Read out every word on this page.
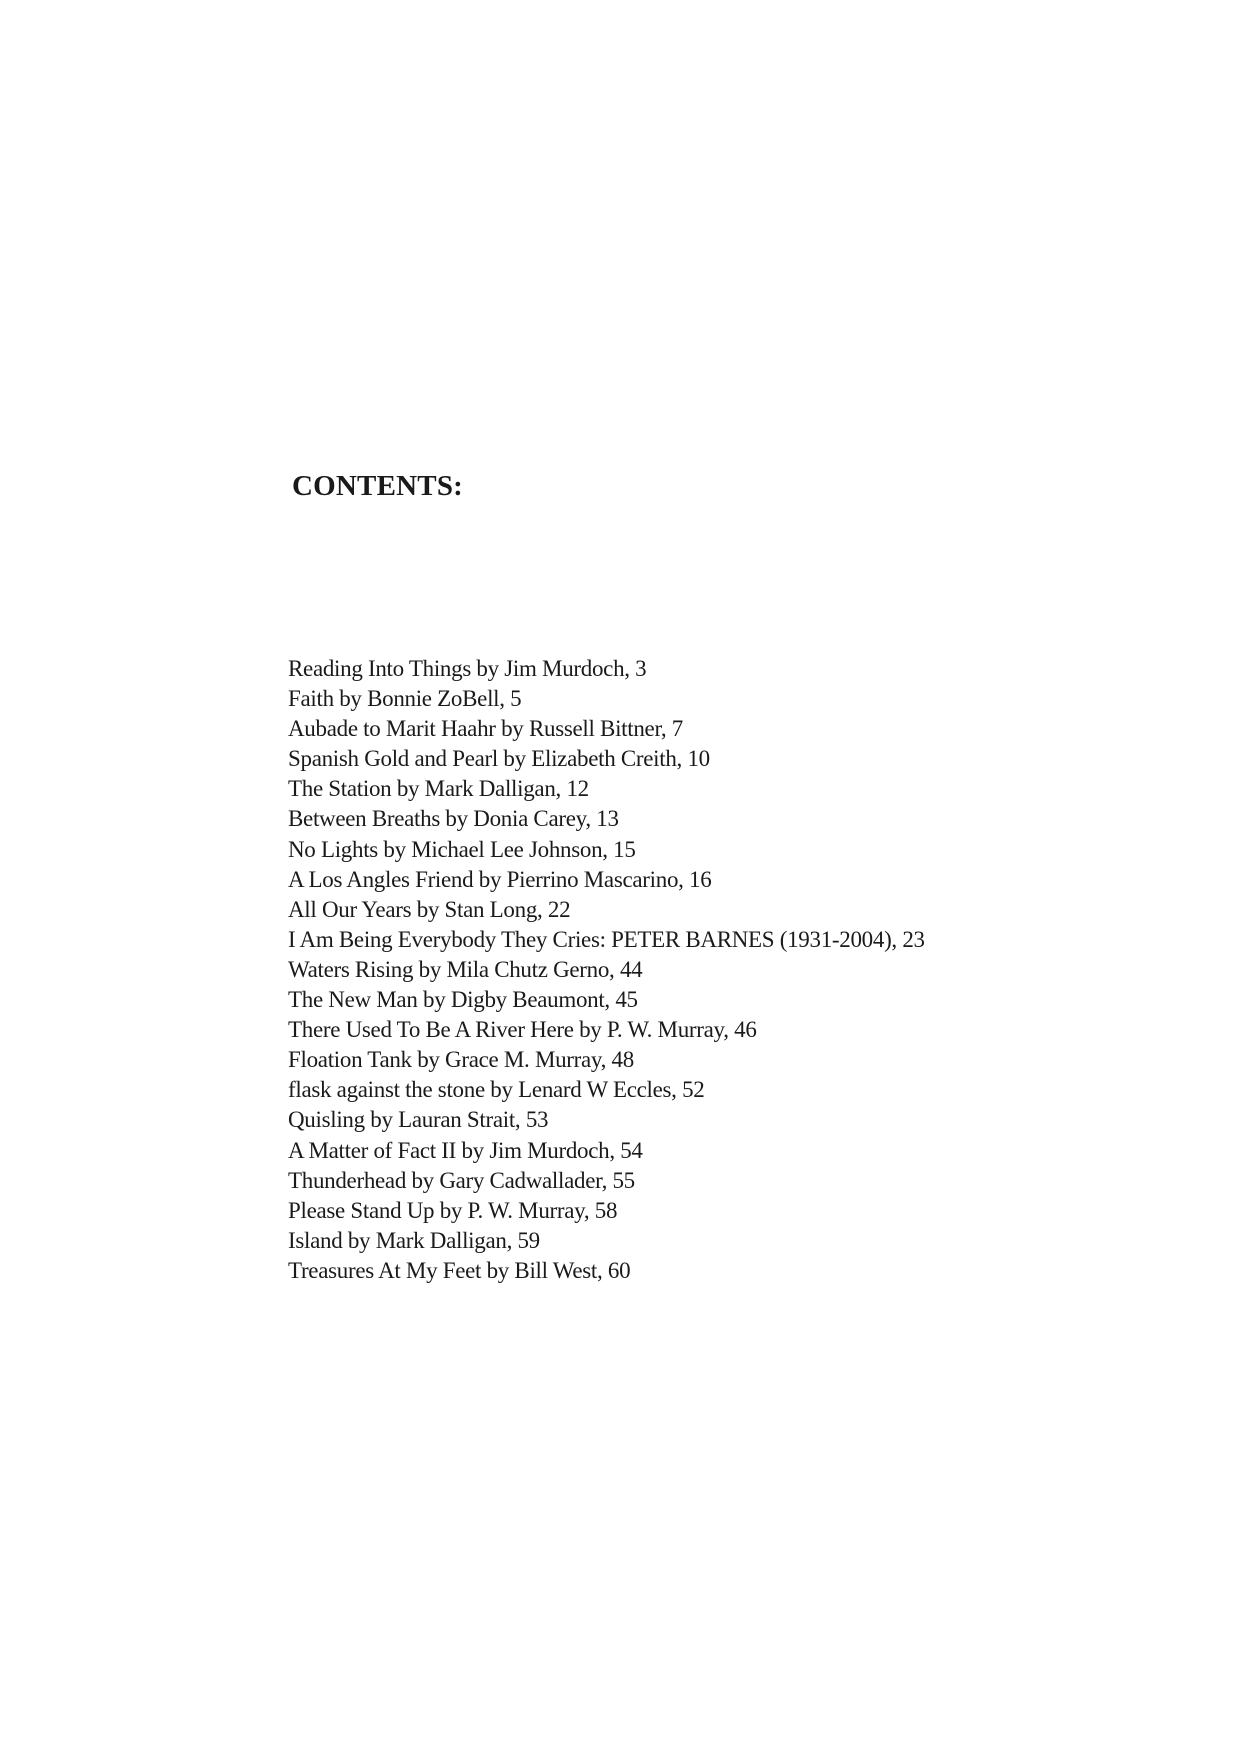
CONTENTS:
Reading Into Things by Jim Murdoch, 3
Faith by Bonnie ZoBell, 5
Aubade to Marit Haahr by Russell Bittner, 7
Spanish Gold and Pearl by Elizabeth Creith, 10
The Station by Mark Dalligan, 12
Between Breaths by Donia Carey, 13
No Lights by Michael Lee Johnson, 15
A Los Angles Friend by Pierrino Mascarino, 16
All Our Years by Stan Long, 22
I Am Being Everybody They Cries: PETER BARNES (1931-2004), 23
Waters Rising by Mila Chutz Gerno, 44
The New Man by Digby Beaumont, 45
There Used To Be A River Here by P. W. Murray, 46
Floation Tank by Grace M. Murray, 48
flask against the stone by Lenard W Eccles, 52
Quisling by Lauran Strait, 53
A Matter of Fact II by Jim Murdoch, 54
Thunderhead by Gary Cadwallader, 55
Please Stand Up by P. W. Murray, 58
Island by Mark Dalligan, 59
Treasures At My Feet by Bill West, 60
